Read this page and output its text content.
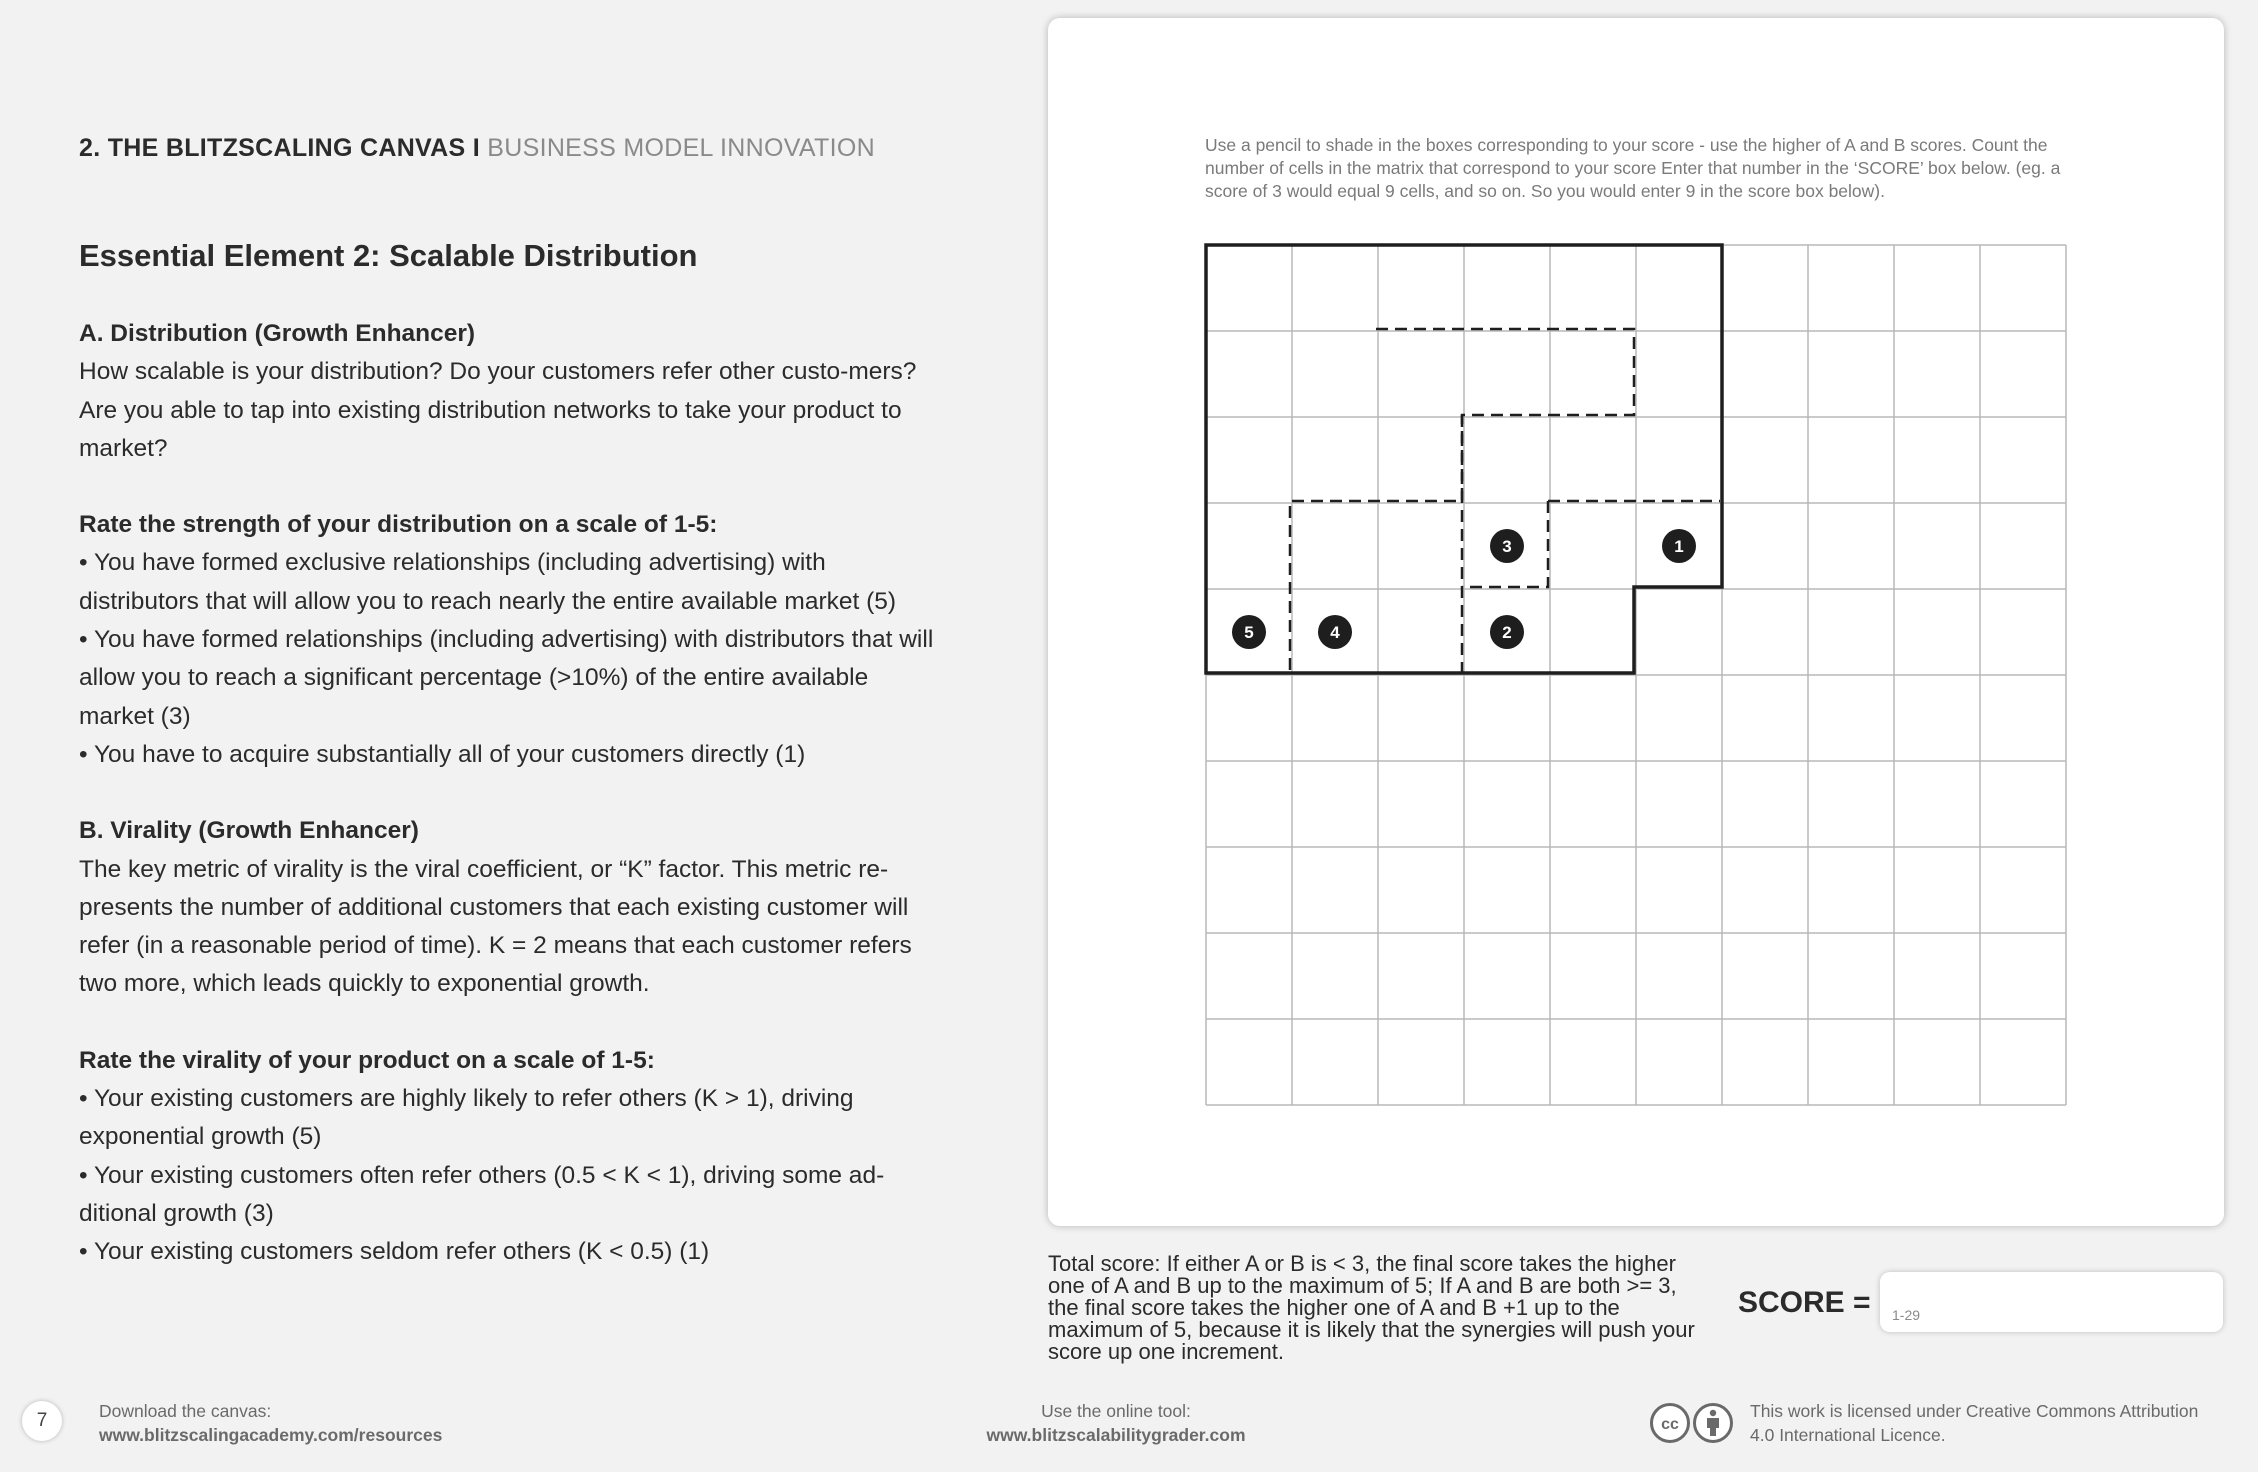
2. THE BLITZSCALING CANVAS I BUSINESS MODEL INNOVATION
Essential Element 2: Scalable Distribution

A. Distribution (Growth Enhancer)

How scalable is your distribution? Do your customers refer other custo-mers? Are you able to tap into existing distribution networks to take your product to market?

Rate the strength of your distribution on a scale of 1-5:

• You have formed exclusive relationships (including advertising) with distributors that will allow you to reach nearly the entire available market (5)

• You have formed relationships (including advertising) with distributors that will allow you to reach a significant percentage (>10%) of the entire available market (3)

• You have to acquire substantially all of your customers directly (1)

B. Virality (Growth Enhancer)

The key metric of virality is the viral coefficient, or “K” factor. This metric re-presents the number of additional customers that each existing customer will refer (in a reasonable period of time). K = 2 means that each customer refers two more, which leads quickly to exponential growth.

Rate the virality of your product on a scale of 1-5:

• Your existing customers are highly likely to refer others (K > 1), driving exponential growth (5)

• Your existing customers often refer others (0.5 < K < 1), driving some ad-ditional growth (3)

• Your existing customers seldom refer others (K < 0.5) (1)

Use a pencil to shade in the boxes corresponding to your score - use the higher of A and B scores. Count the number of cells in the matrix that correspond to your score Enter that number in the ‘SCORE’ box below. (eg. a score of 3 would equal 9 cells, and so on. So you would enter 9 in the score box below).
1
2
3
4
5
Total score: If either A or B is < 3, the final score takes the higher one of A and B up to the maximum of 5; If A and B are both >= 3, the final score takes the higher one of A and B +1 up to the maximum of 5, because it is likely that the synergies will push your score up one increment.
SCORE = 1-29
7	Download the canvas:
www.blitzscalingacademy.com/resources
Use the online tool:
www.blitzscalabilitygrader.com
cc
This work is licensed under Creative Commons Attribution
4.0 International Licence.
